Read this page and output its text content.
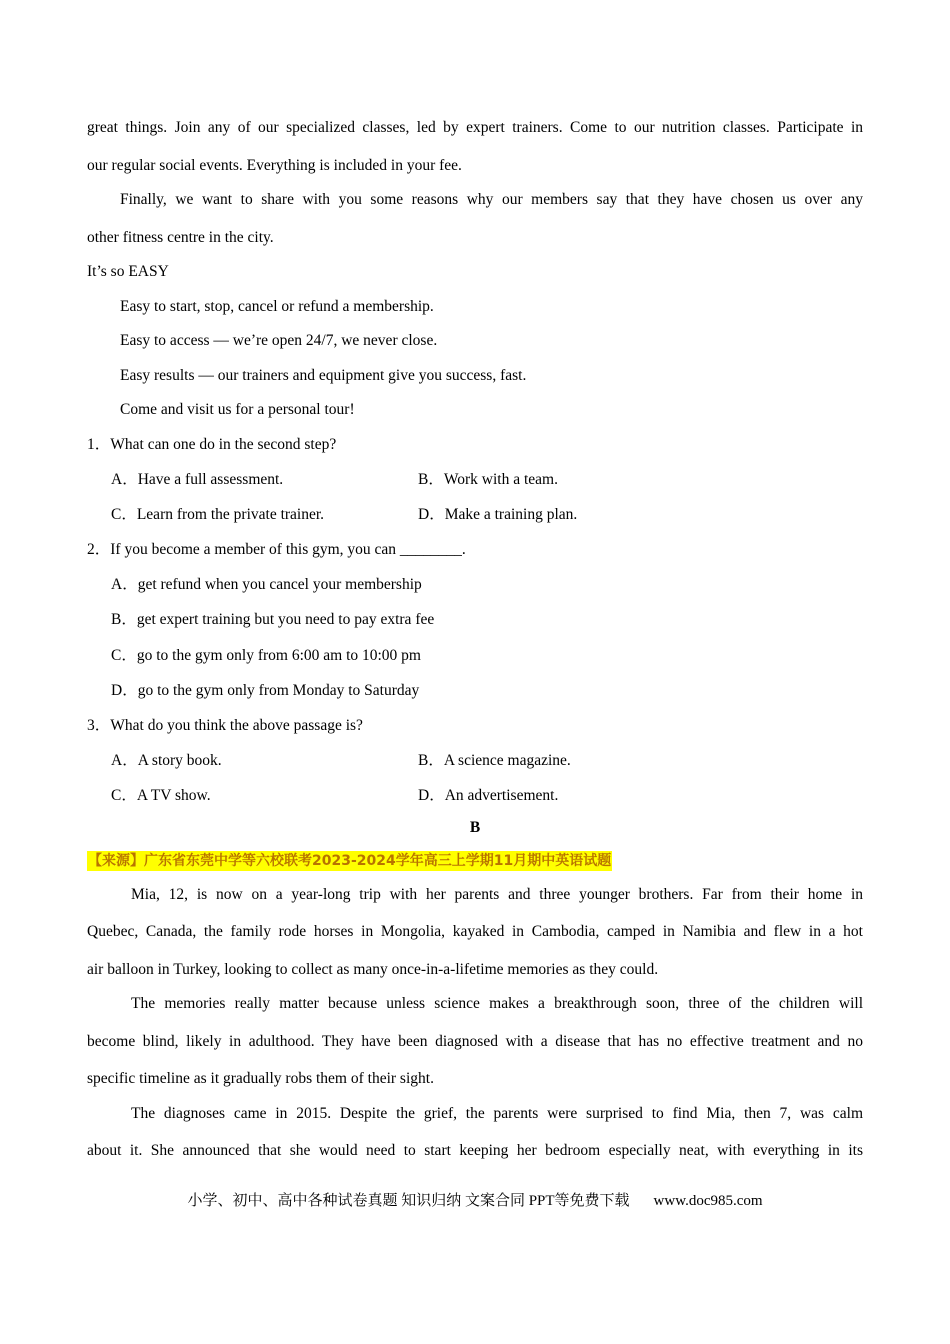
great things. Join any of our specialized classes, led by expert trainers. Come to our nutrition classes. Participate in
our regular social events. Everything is included in your fee.
Finally, we want to share with you some reasons why our members say that they have chosen us over any
other fitness centre in the city.
It’s so EASY
Easy to start, stop, cancel or refund a membership.
Easy to access — we’re open 24/7, we never close.
Easy results — our trainers and equipment give you success, fast.
Come and visit us for a personal tour!
1．What can one do in the second step?
A．Have a full assessment.	B．Work with a team.
C．Learn from the private trainer.	D．Make a training plan.
2．If you become a member of this gym, you can ________.
A．get refund when you cancel your membership
B．get expert training but you need to pay extra fee
C．go to the gym only from 6:00 am to 10:00 pm
D．go to the gym only from Monday to Saturday
3．What do you think the above passage is?
A．A story book.	B．A science magazine.
C．A TV show.	D．An advertisement.
B
【来源】广东省东莞中学等六校联考2023-2024学年高三上学期11月期中英语试题
Mia, 12, is now on a year-long trip with her parents and three younger brothers. Far from their home in
Quebec, Canada, the family rode horses in Mongolia, kayaked in Cambodia, camped in Namibia and flew in a hot
air balloon in Turkey, looking to collect as many once-in-a-lifetime memories as they could.
The memories really matter because unless science makes a breakthrough soon, three of the children will
become blind, likely in adulthood. They have been diagnosed with a disease that has no effective treatment and no
specific timeline as it gradually robs them of their sight.
The diagnoses came in 2015. Despite the grief, the parents were surprised to find Mia, then 7, was calm
about it. She announced that she would need to start keeping her bedroom especially neat, with everything in its
小学、初中、高中各种试卷真题 知识归纳 文案合同 PPT等免费下载 www.doc985.com
